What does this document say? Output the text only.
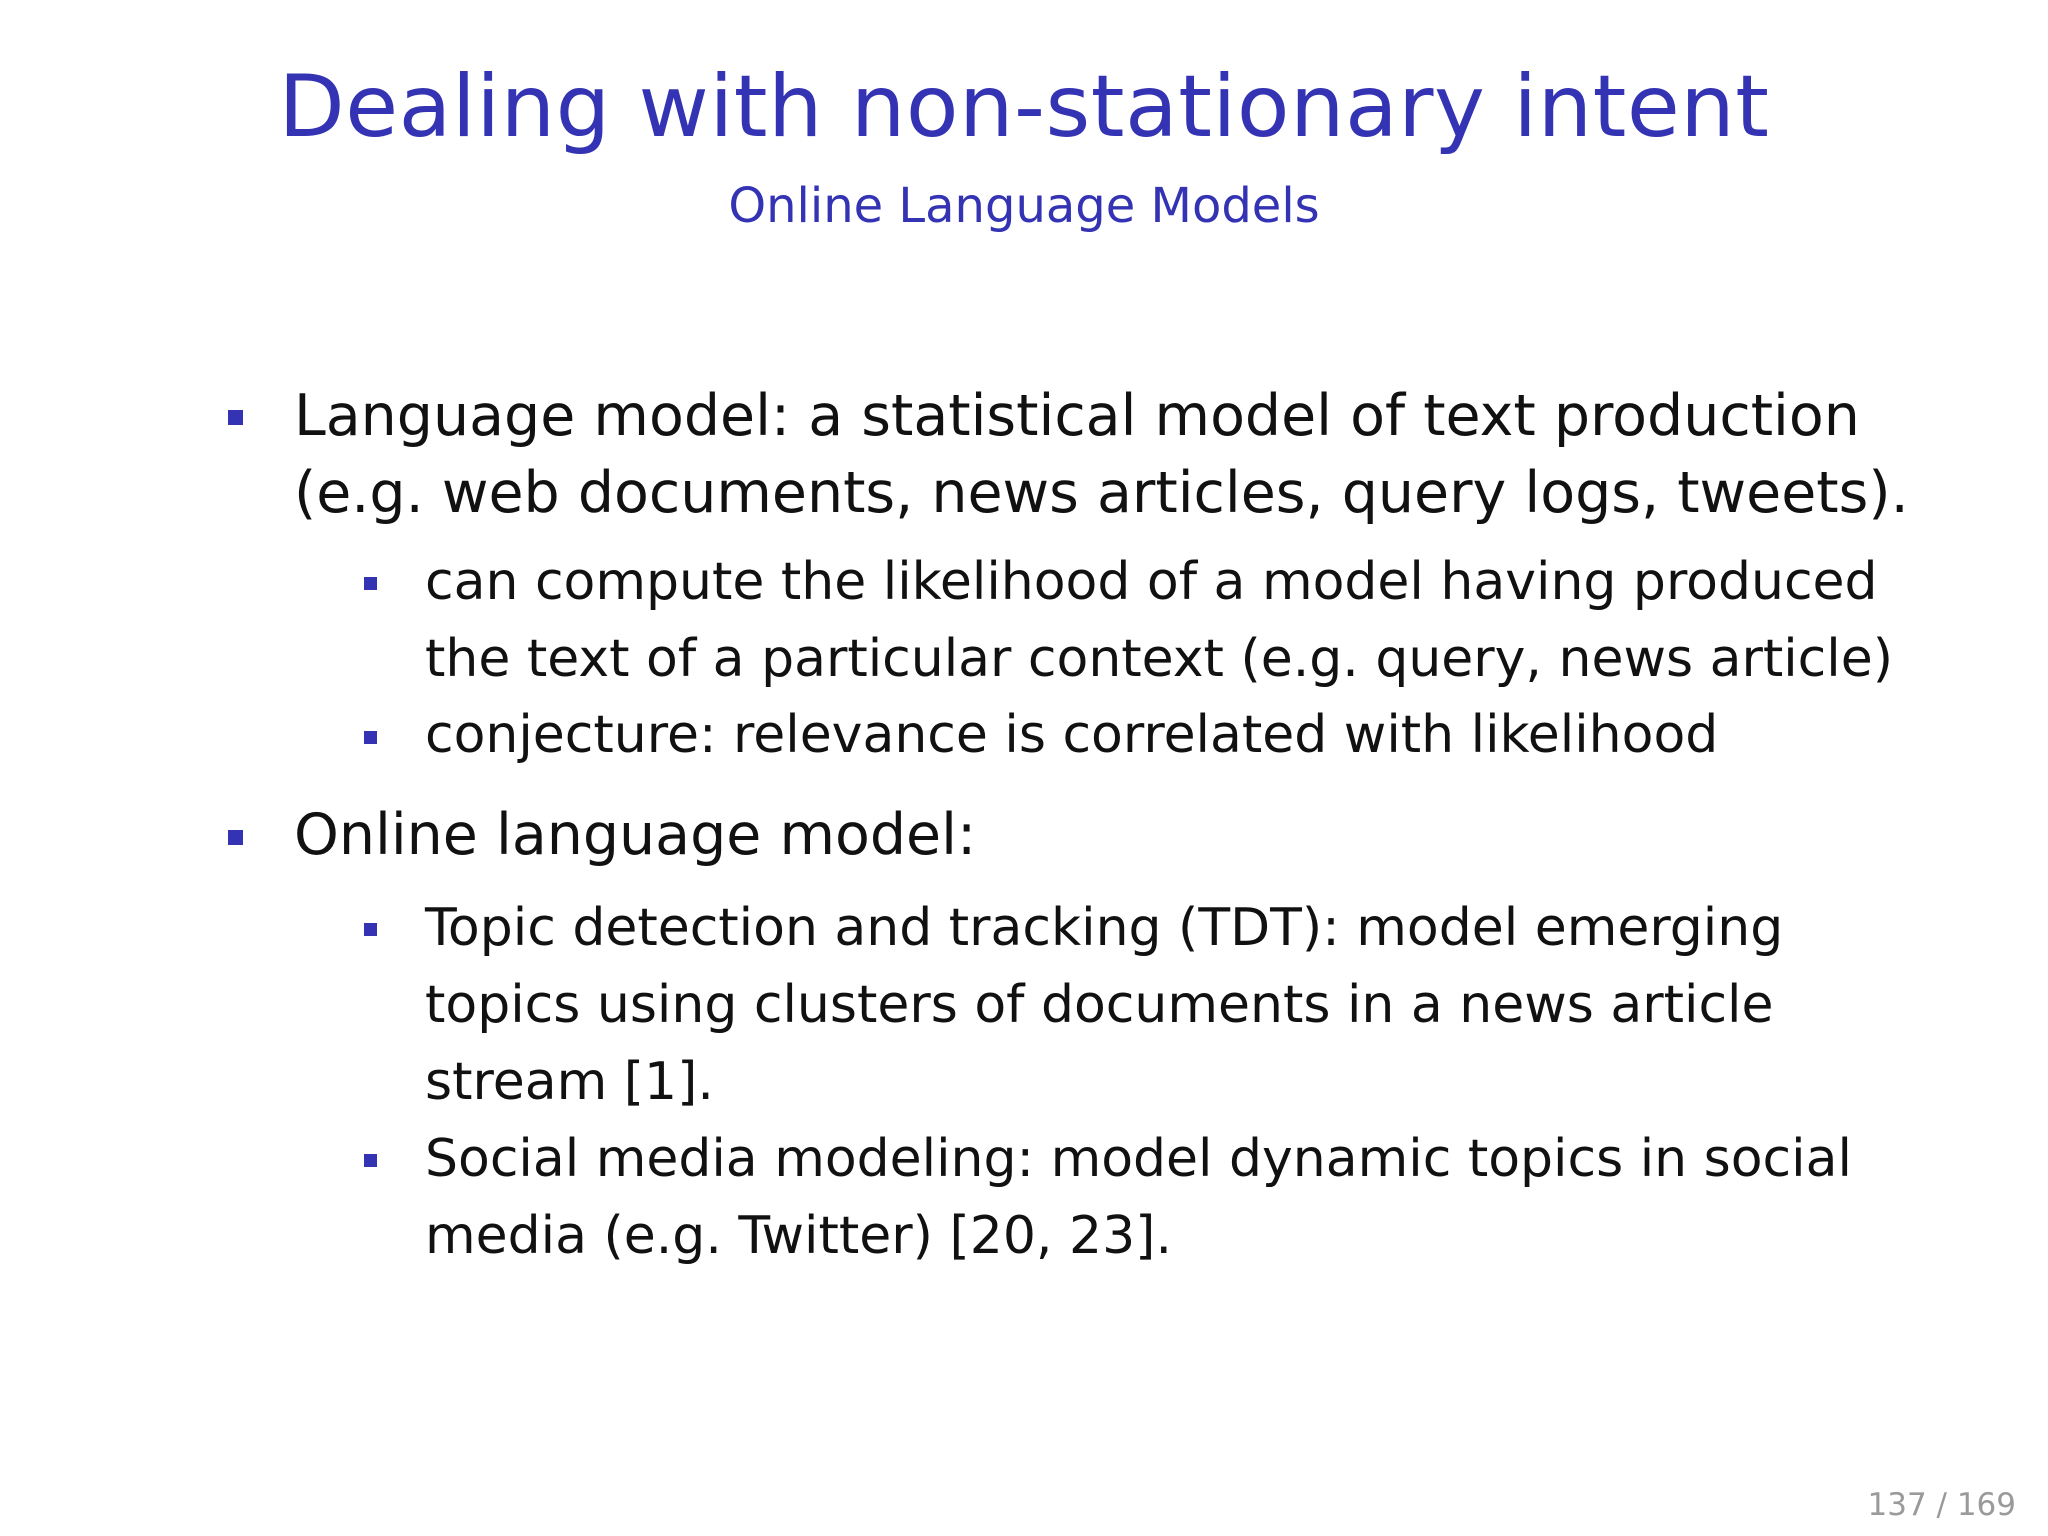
Dealing with non-stationary intent
Online Language Models
Language model: a statistical model of text production
(e.g. web documents, news articles, query logs, tweets).
can compute the likelihood of a model having produced
the text of a particular context (e.g. query, news article)
conjecture: relevance is correlated with likelihood
Online language model:
Topic detection and tracking (TDT): model emerging
topics using clusters of documents in a news article
stream [1].
Social media modeling: model dynamic topics in social
media (e.g. Twitter) [20, 23].
137 / 169
